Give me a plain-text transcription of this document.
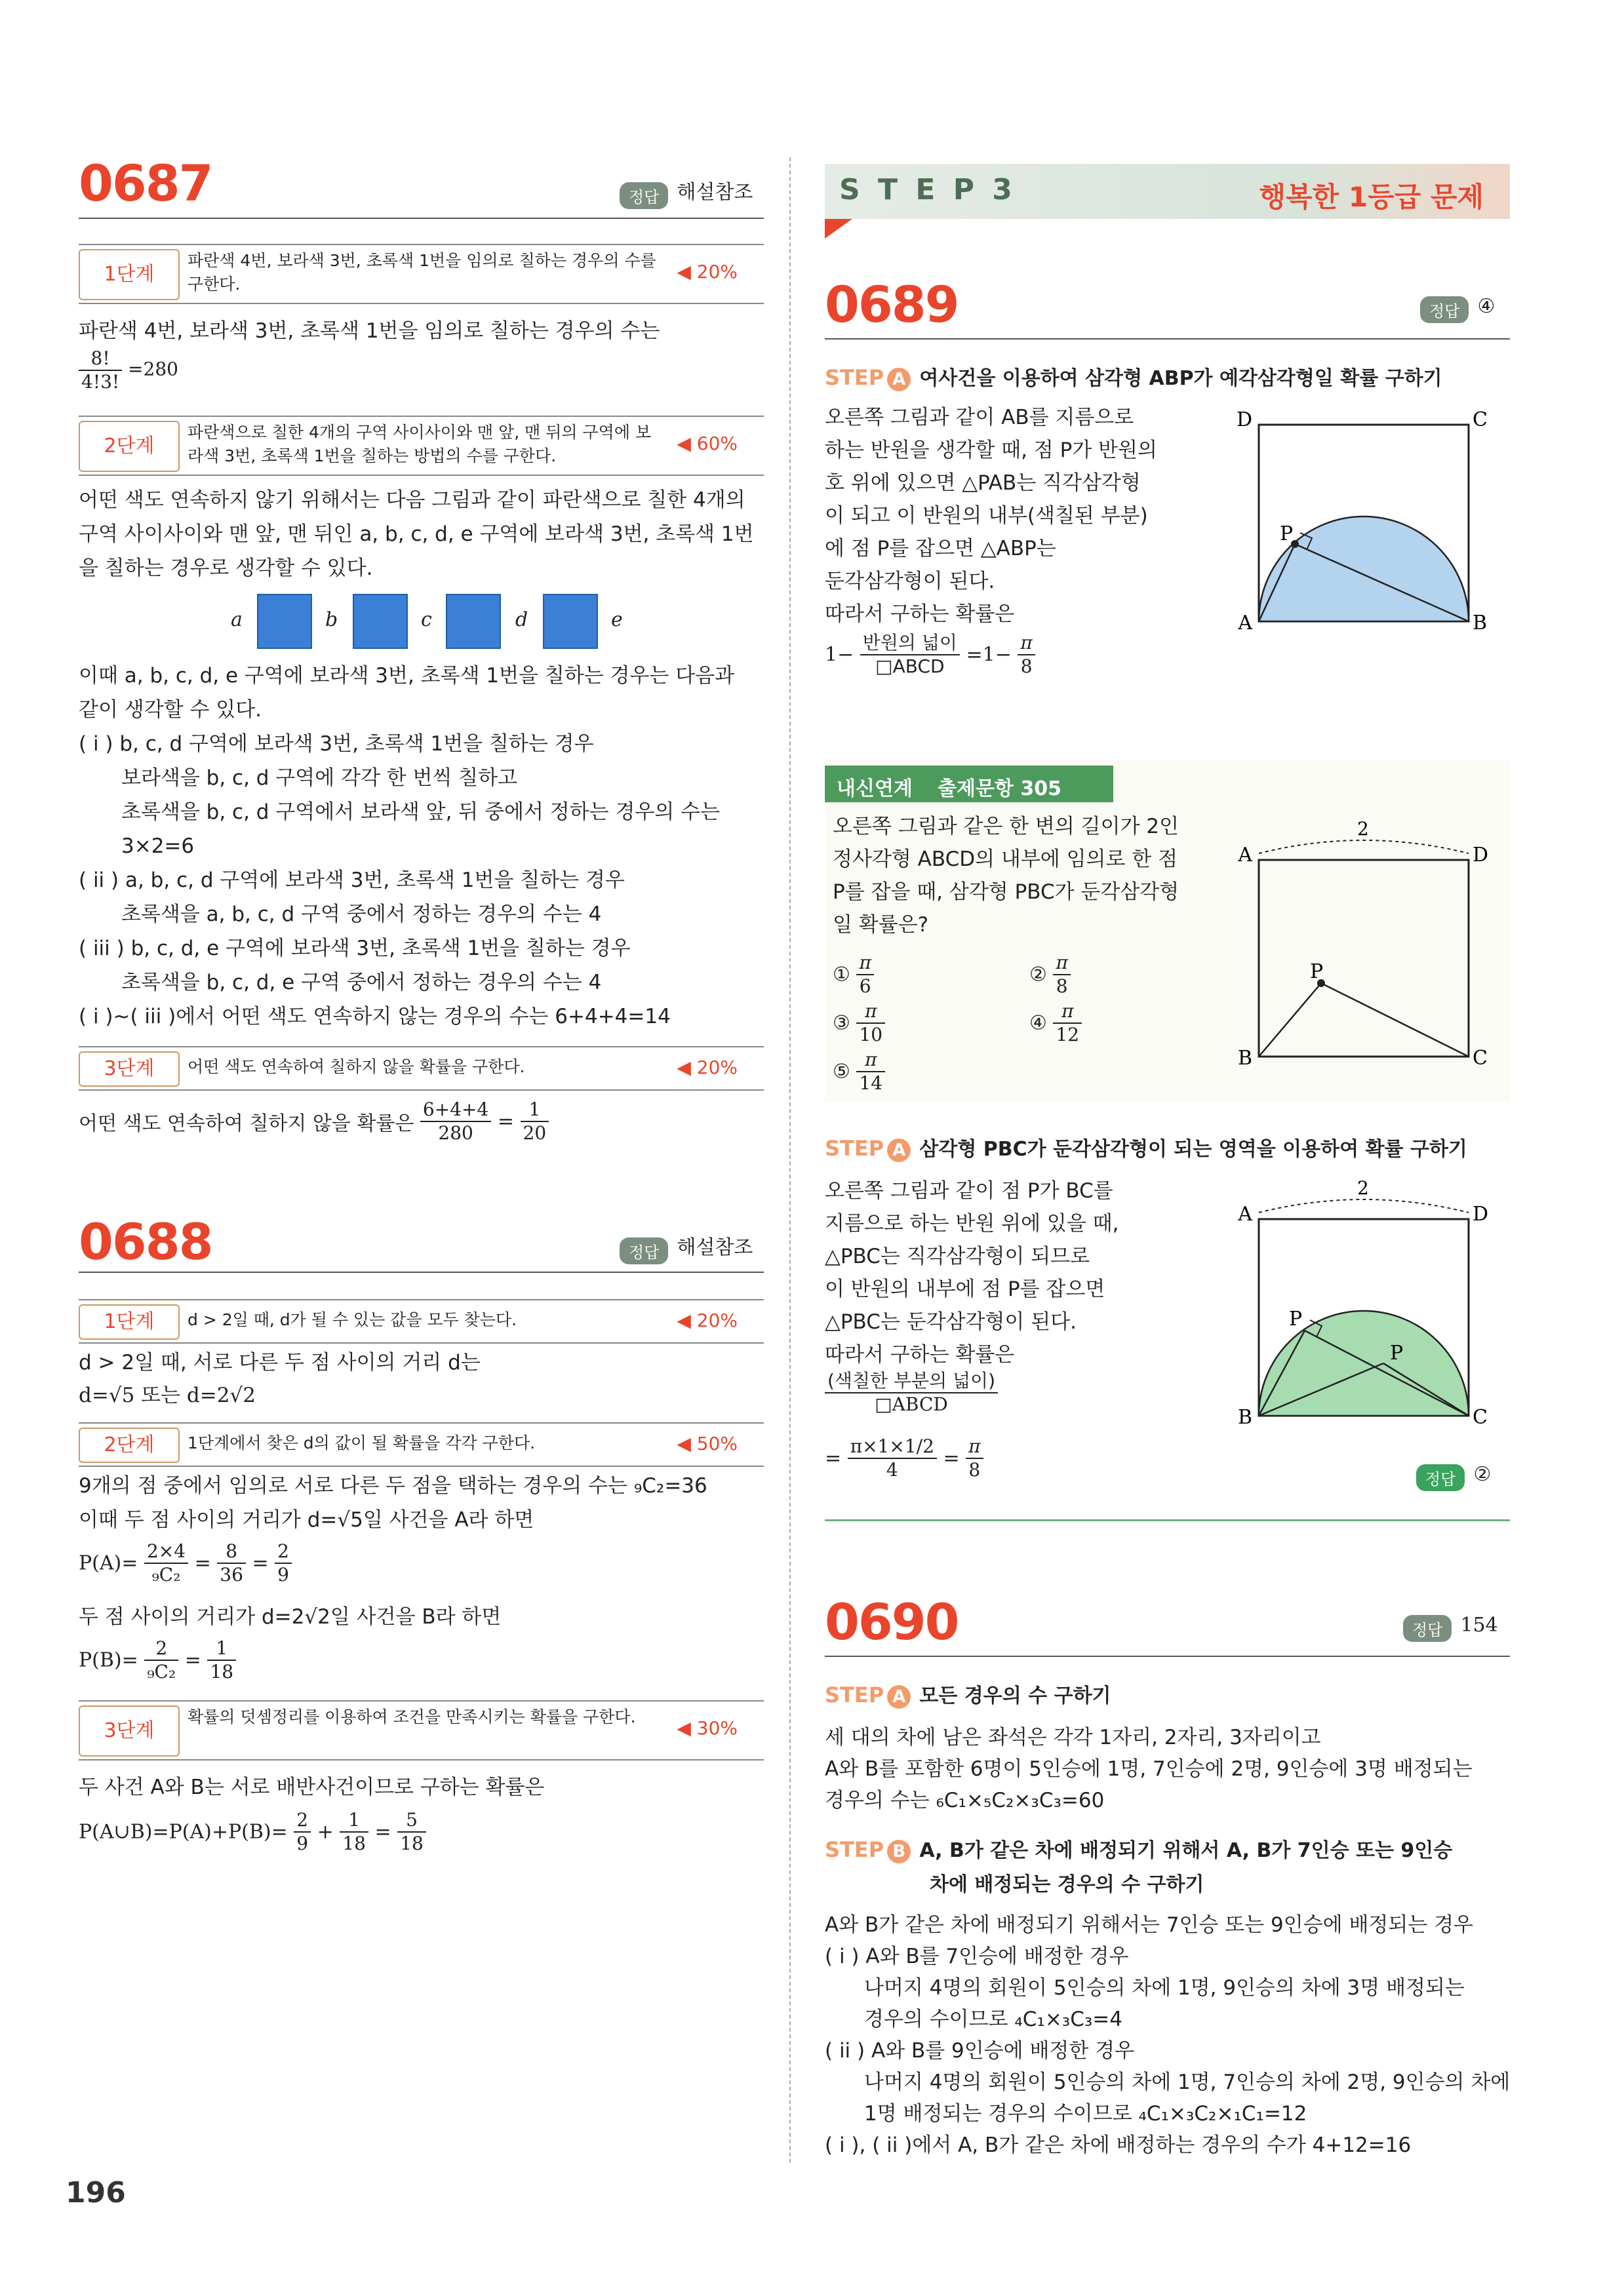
0687	정답 해설참조
1단계
파란색 4번, 보라색 3번, 초록색 1번을 임의로 칠하는 경우의 수를 구한다.
◀ 20%
파란색 4번, 보라색 3번, 초록색 1번을 임의로 칠하는 경우의 수는
$\frac{8!}{4!3!} =280$
2단계
파란색으로 칠한 4개의 구역 사이사이와 맨 앞, 맨 뒤의 구역에 보라색 3번, 초록색 1번을 칠하는 방법의 수를 구한다.
◀ 60%
어떤 색도 연속하지 않기 위해서는 다음 그림과 같이 파란색으로 칠한 4개의
구역 사이사이와 맨 앞, 맨 뒤인 a, b, c, d, e 구역에 보라색 3번, 초록색 1번
을 칠하는 경우로 생각할 수 있다.
a	b	c	d	e
이때 a, b, c, d, e 구역에 보라색 3번, 초록색 1번을 칠하는 경우는 다음과
같이 생각할 수 있다.
( i ) b, c, d 구역에 보라색 3번, 초록색 1번을 칠하는 경우
보라색을 b, c, d 구역에 각각 한 번씩 칠하고
초록색을 b, c, d 구역에서 보라색 앞, 뒤 중에서 정하는 경우의 수는
3×2=6
( ii ) a, b, c, d 구역에 보라색 3번, 초록색 1번을 칠하는 경우
초록색을 a, b, c, d 구역 중에서 정하는 경우의 수는 4
( iii ) b, c, d, e 구역에 보라색 3번, 초록색 1번을 칠하는 경우
초록색을 b, c, d, e 구역 중에서 정하는 경우의 수는 4
( i )~( iii )에서 어떤 색도 연속하지 않는 경우의 수는 6+4+4=14
3단계	어떤 색도 연속하여 칠하지 않을 확률을 구한다.	◀ 20%
어떤 색도 연속하여 칠하지 않을 확률은 $\frac{6+4+4}{280} = \frac{1}{20}$
0688	정답 해설참조
1단계	d > 2일 때, d가 될 수 있는 값을 모두 찾는다.	◀ 20%
d > 2일 때, 서로 다른 두 점 사이의 거리 d는
d=√5 또는 d=2√2
2단계	1단계에서 찾은 d의 값이 될 확률을 각각 구한다.	◀ 50%
9개의 점 중에서 임의로 서로 다른 두 점을 택하는 경우의 수는 ₉C₂=36
이때 두 점 사이의 거리가 d=√5일 사건을 A라 하면
$P(A)= \frac{2\times 4}{\text{₉C₂}} = \frac{8}{36} = \frac{2}{9}$
두 점 사이의 거리가 d=2√2일 사건을 B라 하면
$P(B)= \frac{2}{\text{₉C₂}} = \frac{1}{18}$
3단계
확률의 덧셈정리를 이용하여 조건을 만족시키는 확률을 구한다.
◀ 30%
두 사건 A와 B는 서로 배반사건이므로 구하는 확률은
P(A∪B)=P(A)+P(B)= $\frac{2}{9} + \frac{1}{18} = \frac{5}{18}$
196
S T E P 3	행복한 1등급 문제
0689	정답 ④
STEP A 여사건을 이용하여 삼각형 ABP가 예각삼각형일 확률 구하기
오른쪽 그림과 같이 AB를 지름으로
하는 반원을 생각할 때, 점 P가 반원의
호 위에 있으면 △PAB는 직각삼각형
이 되고 이 반원의 내부(색칠된 부분)
에 점 P를 잡으면 △ABP는
둔각삼각형이 된다.
따라서 구하는 확률은
$1- \frac{\text{반원의 넓이}}{\text{□ABCD}} =1- \frac{\pi}{8}$
D	C
A	B
P
내신연계 출제문항 305
오른쪽 그림과 같은 한 변의 길이가 2인
정사각형 ABCD의 내부에 임의로 한 점
P를 잡을 때, 삼각형 PBC가 둔각삼각형
일 확률은?
① $\frac{\pi}{6}$	② $\frac{\pi}{8}$
③ $\frac{\pi}{10}$	④ $\frac{\pi}{12}$
⑤ $\frac{\pi}{14}$
2
A	D
B	C
P
STEP A 삼각형 PBC가 둔각삼각형이 되는 영역을 이용하여 확률 구하기
오른쪽 그림과 같이 점 P가 BC를
지름으로 하는 반원 위에 있을 때,
△PBC는 직각삼각형이 되므로
이 반원의 내부에 점 P를 잡으면
△PBC는 둔각삼각형이 된다.
따라서 구하는 확률은
$\frac{\text{(색칠한 부분의 넓이)}}{\text{□ABCD}}$
= $\frac{\pi\times 1\times 1/2}{4} = \frac{\pi}{8}$
2
A	D
B	C
P
P
정답 ②
0690	정답 154
STEP A 모든 경우의 수 구하기
세 대의 차에 남은 좌석은 각각 1자리, 2자리, 3자리이고
A와 B를 포함한 6명이 5인승에 1명, 7인승에 2명, 9인승에 3명 배정되는
경우의 수는 ₆C₁×₅C₂×₃C₃=60
STEP B A, B가 같은 차에 배정되기 위해서 A, B가 7인승 또는 9인승
차에 배정되는 경우의 수 구하기
A와 B가 같은 차에 배정되기 위해서는 7인승 또는 9인승에 배정되는 경우
( i ) A와 B를 7인승에 배정한 경우
나머지 4명의 회원이 5인승의 차에 1명, 9인승의 차에 3명 배정되는
경우의 수이므로 ₄C₁×₃C₃=4
( ii ) A와 B를 9인승에 배정한 경우
나머지 4명의 회원이 5인승의 차에 1명, 7인승의 차에 2명, 9인승의 차에
1명 배정되는 경우의 수이므로 ₄C₁×₃C₂×₁C₁=12
( i ), ( ii )에서 A, B가 같은 차에 배정하는 경우의 수가 4+12=16
